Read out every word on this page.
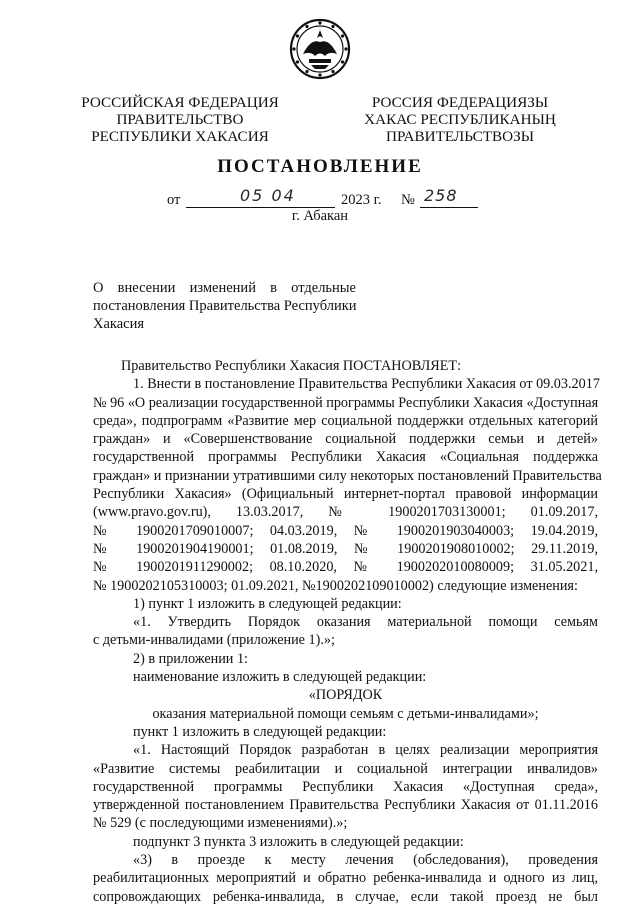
РОССИЙСКАЯ ФЕДЕРАЦИЯ
ПРАВИТЕЛЬСТВО
РЕСПУБЛИКИ ХАКАСИЯ
РОССИЯ ФЕДЕРАЦИЯЗЫ
ХАКАС РЕСПУБЛИКАНЫҢ
ПРАВИТЕЛЬСТВОЗЫ
ПОСТАНОВЛЕНИЕ
от	05 04	2023 г. № 258
г. Абакан
О внесении изменений в отдельные
постановления Правительства Республики
Хакасия
Правительство Республики Хакасия ПОСТАНОВЛЯЕТ:
1. Внести в постановление Правительства Республики Хакасия от 09.03.2017
№ 96 «О реализации государственной программы Республики Хакасия «Доступная
среда», подпрограмм «Развитие мер социальной поддержки отдельных категорий
граждан» и «Совершенствование социальной поддержки семьи и детей»
государственной программы Республики Хакасия «Социальная поддержка
граждан» и признании утратившими силу некоторых постановлений Правительства
Республики Хакасия» (Официальный интернет-портал правовой информации
(www.pravo.gov.ru), 13.03.2017, № 1900201703130001; 01.09.2017,
№ 1900201709010007; 04.03.2019, № 1900201903040003; 19.04.2019,
№ 1900201904190001; 01.08.2019, № 1900201908010002; 29.11.2019,
№ 1900201911290002; 08.10.2020, № 1900202010080009; 31.05.2021,
№ 1900202105310003; 01.09.2021, №1900202109010002) следующие изменения:
1) пункт 1 изложить в следующей редакции:
«1. Утвердить Порядок оказания материальной помощи семьям
с детьми-инвалидами (приложение 1).»;
2) в приложении 1:
наименование изложить в следующей редакции:
«ПОРЯДОК
оказания материальной помощи семьям с детьми-инвалидами»;
пункт 1 изложить в следующей редакции:
«1. Настоящий Порядок разработан в целях реализации мероприятия
«Развитие системы реабилитации и социальной интеграции инвалидов»
государственной программы Республики Хакасия «Доступная среда»,
утвержденной постановлением Правительства Республики Хакасия от 01.11.2016
№ 529 (с последующими изменениями).»;
подпункт 3 пункта 3 изложить в следующей редакции:
«3) в проезде к месту лечения (обследования), проведения
реабилитационных мероприятий и обратно ребенка-инвалида и одного из лиц,
сопровождающих ребенка-инвалида, в случае, если такой проезд не был
